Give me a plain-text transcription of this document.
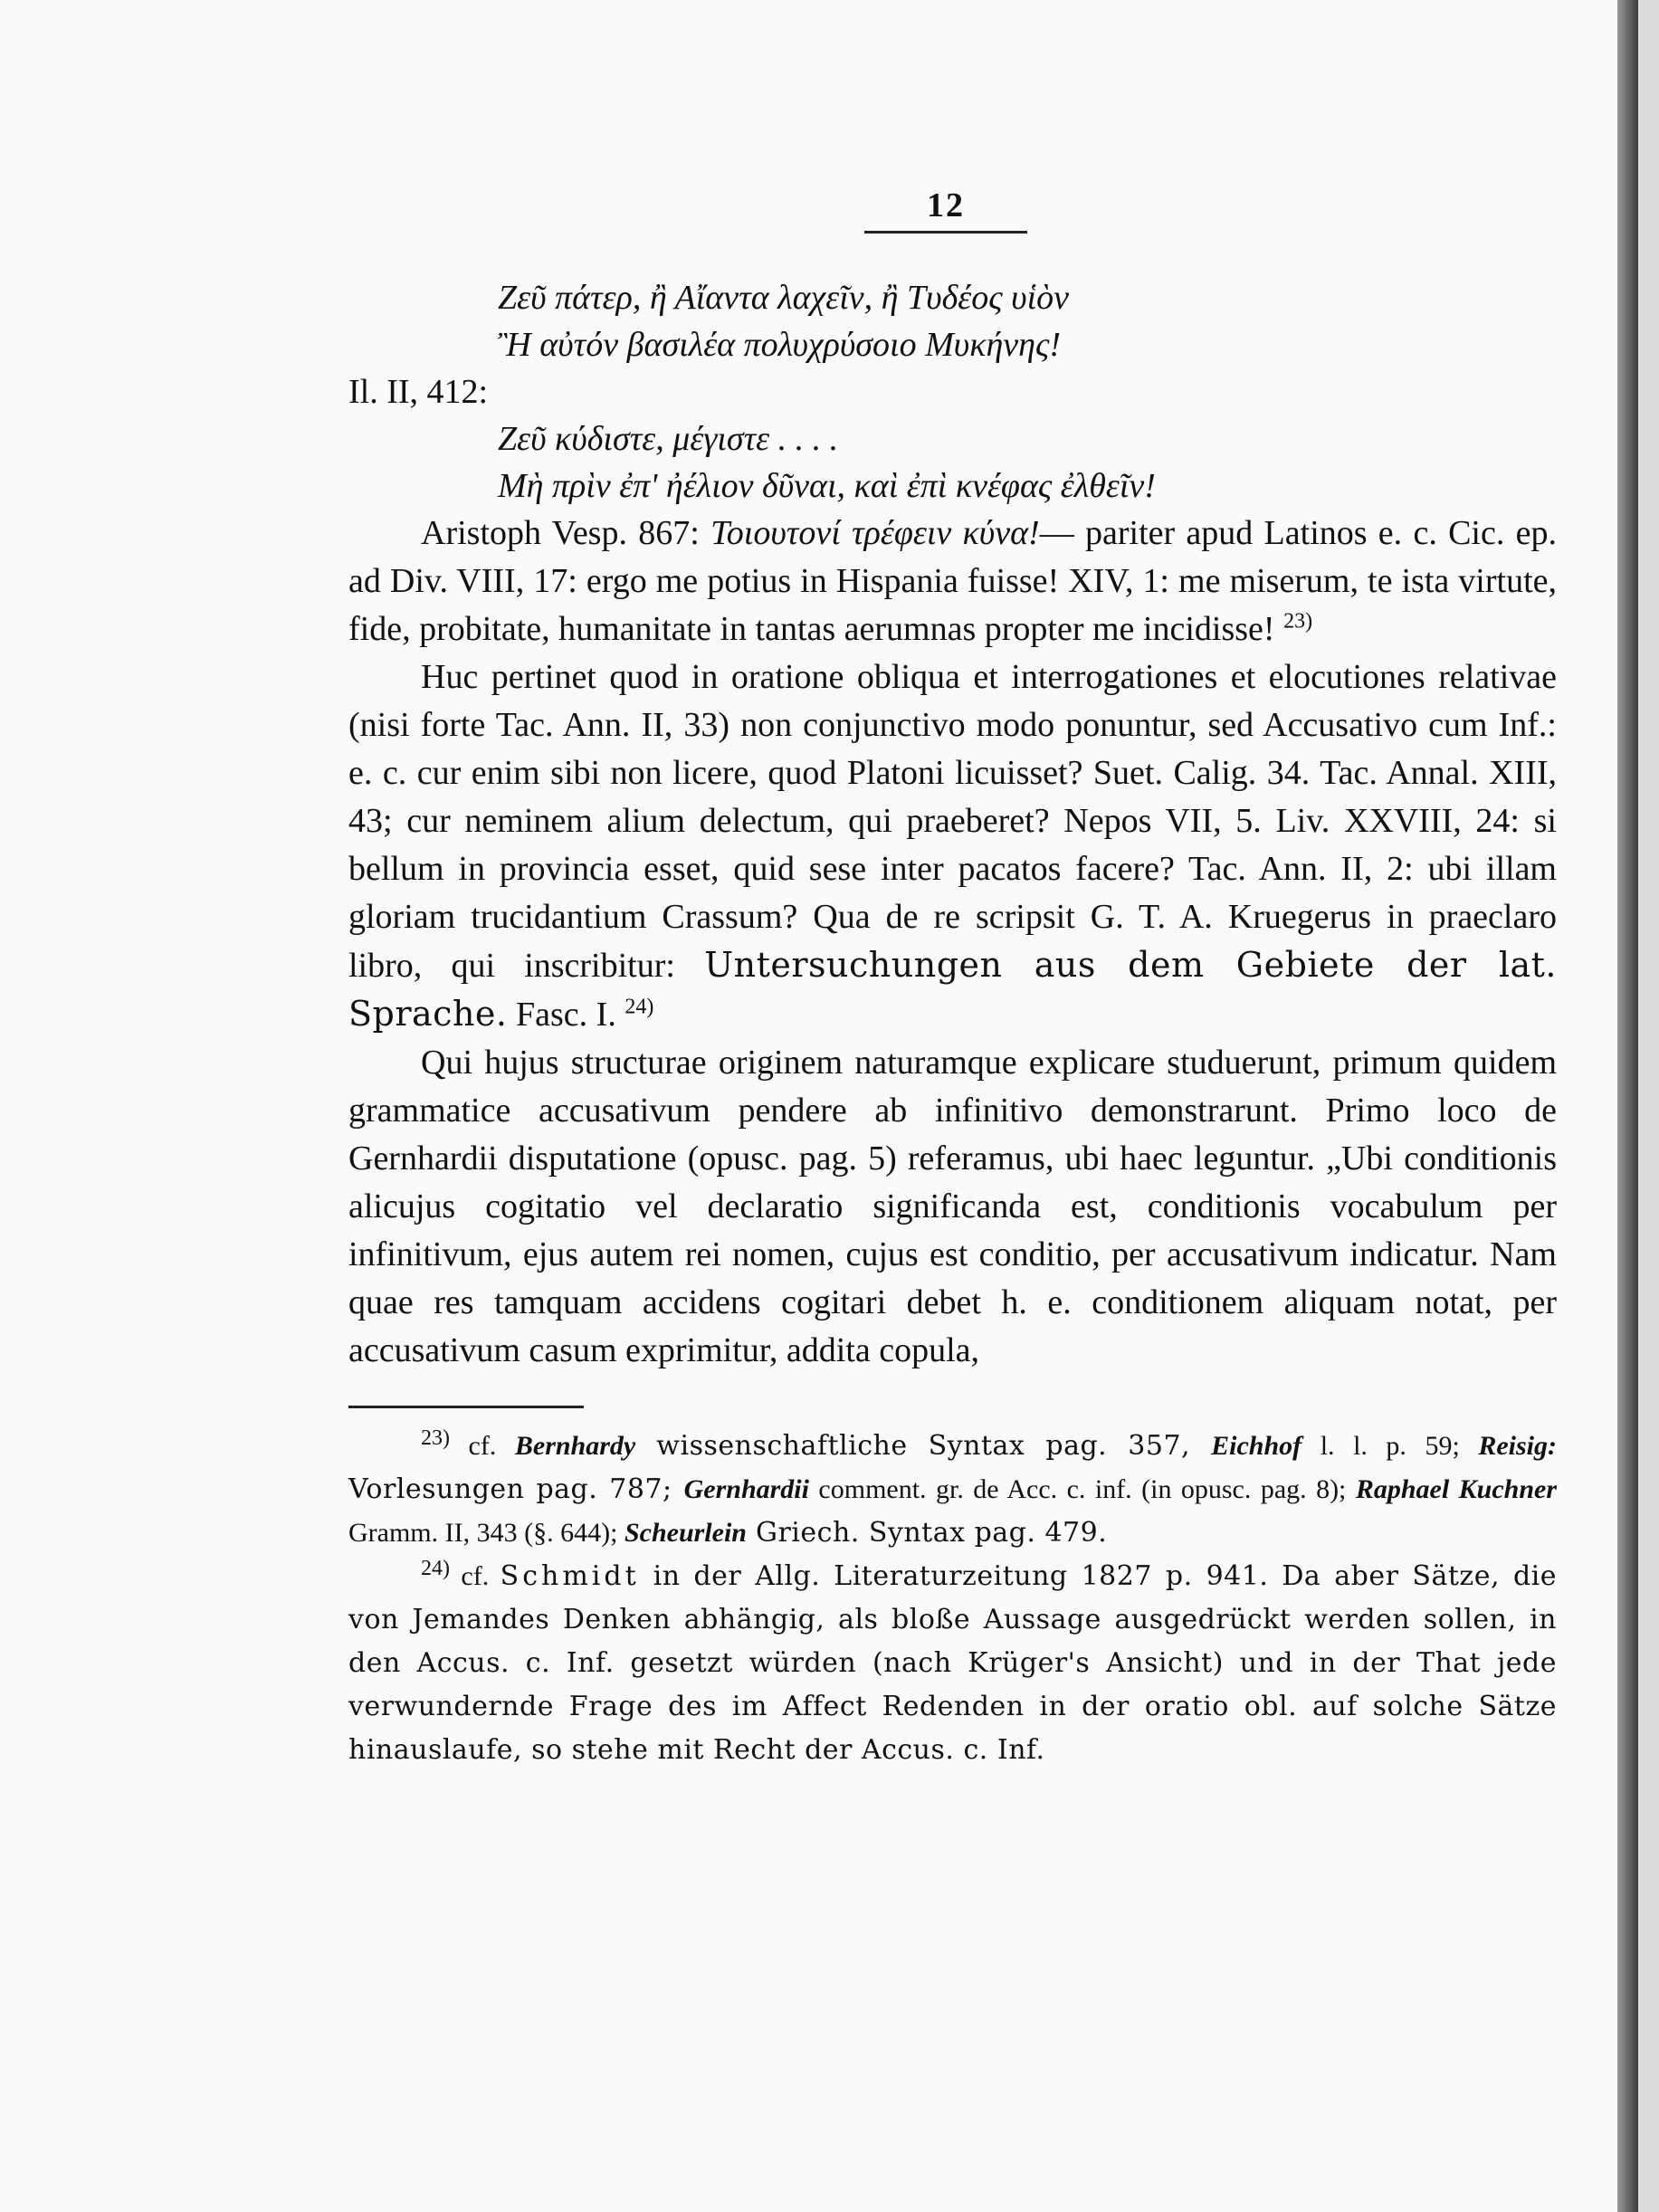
12
Ζεῦ πάτερ, ἢ Αἴαντα λαχεῖν, ἢ Τυδέος υἱὸν
Ἢ αὐτόν βασιλέα πολυχρύσοιο Μυκήνης!
Il. II, 412:
Ζεῦ κύδιστε, μέγιστε . . . .
Μὴ πρὶν ἐπ' ἠέλιον δῦναι, καὶ ἐπὶ κνέφας ἐλθεῖν!

Aristoph Vesp. 867: Τοιουτονί τρέφειν κύνα!— pariter apud Latinos e. c. Cic. ep. ad Div. VIII, 17: ergo me potius in Hispania fuisse! XIV, 1: me miserum, te ista virtute, fide, probitate, humanitate in tantas aerumnas propter me incidisse! $^{23)}$

Huc pertinet quod in oratione obliqua et interrogationes et elocutiones relativae (nisi forte Tac. Ann. II, 33) non conjunctivo modo ponuntur, sed Accusativo cum Inf.: e. c. cur enim sibi non licere, quod Platoni licuisset? Suet. Calig. 34. Tac. Annal. XIII, 43; cur neminem alium delectum, qui praeberet? Nepos VII, 5. Liv. XXVIII, 24: si bellum in provincia esset, quid sese inter pacatos facere? Tac. Ann. II, 2: ubi illam gloriam trucidantium Crassum? Qua de re scripsit G. T. A. Kruegerus in praeclaro libro, qui inscribitur: Untersuchungen aus dem Gebiete der lat. Sprache. Fasc. I. $^{24)}$

Qui hujus structurae originem naturamque explicare studuerunt, primum quidem grammatice accusativum pendere ab infinitivo demonstrarunt. Primo loco de Gernhardii disputatione (opusc. pag. 5) referamus, ubi haec leguntur. „Ubi conditionis alicujus cogitatio vel declaratio significanda est, conditionis vocabulum per infinitivum, ejus autem rei nomen, cujus est conditio, per accusativum indicatur. Nam quae res tamquam accidens cogitari debet h. e. conditionem aliquam notat, per accusativum casum exprimitur, addita copula,

$^{23)}$ cf. Bernhardy wissenschaftliche Syntax pag. 357, Eichhof l. l. p. 59; Reisig: Vorlesungen pag. 787; Gernhardii comment. gr. de Acc. c. inf. (in opusc. pag. 8); Raphael Kuchner Gramm. II, 343 (§. 644); Scheurlein Griech. Syntax pag. 479.

$^{24)}$ cf. Schmidt in der Allg. Literaturzeitung 1827 p. 941. Da aber Sätze, die von Jemandes Denken abhängig, als bloße Aussage ausgedrückt werden sollen, in den Accus. c. Inf. gesetzt würden (nach Krüger's Ansicht) und in der That jede verwundernde Frage des im Affect Redenden in der oratio obl. auf solche Sätze hinauslaufe, so stehe mit Recht der Accus. c. Inf.
